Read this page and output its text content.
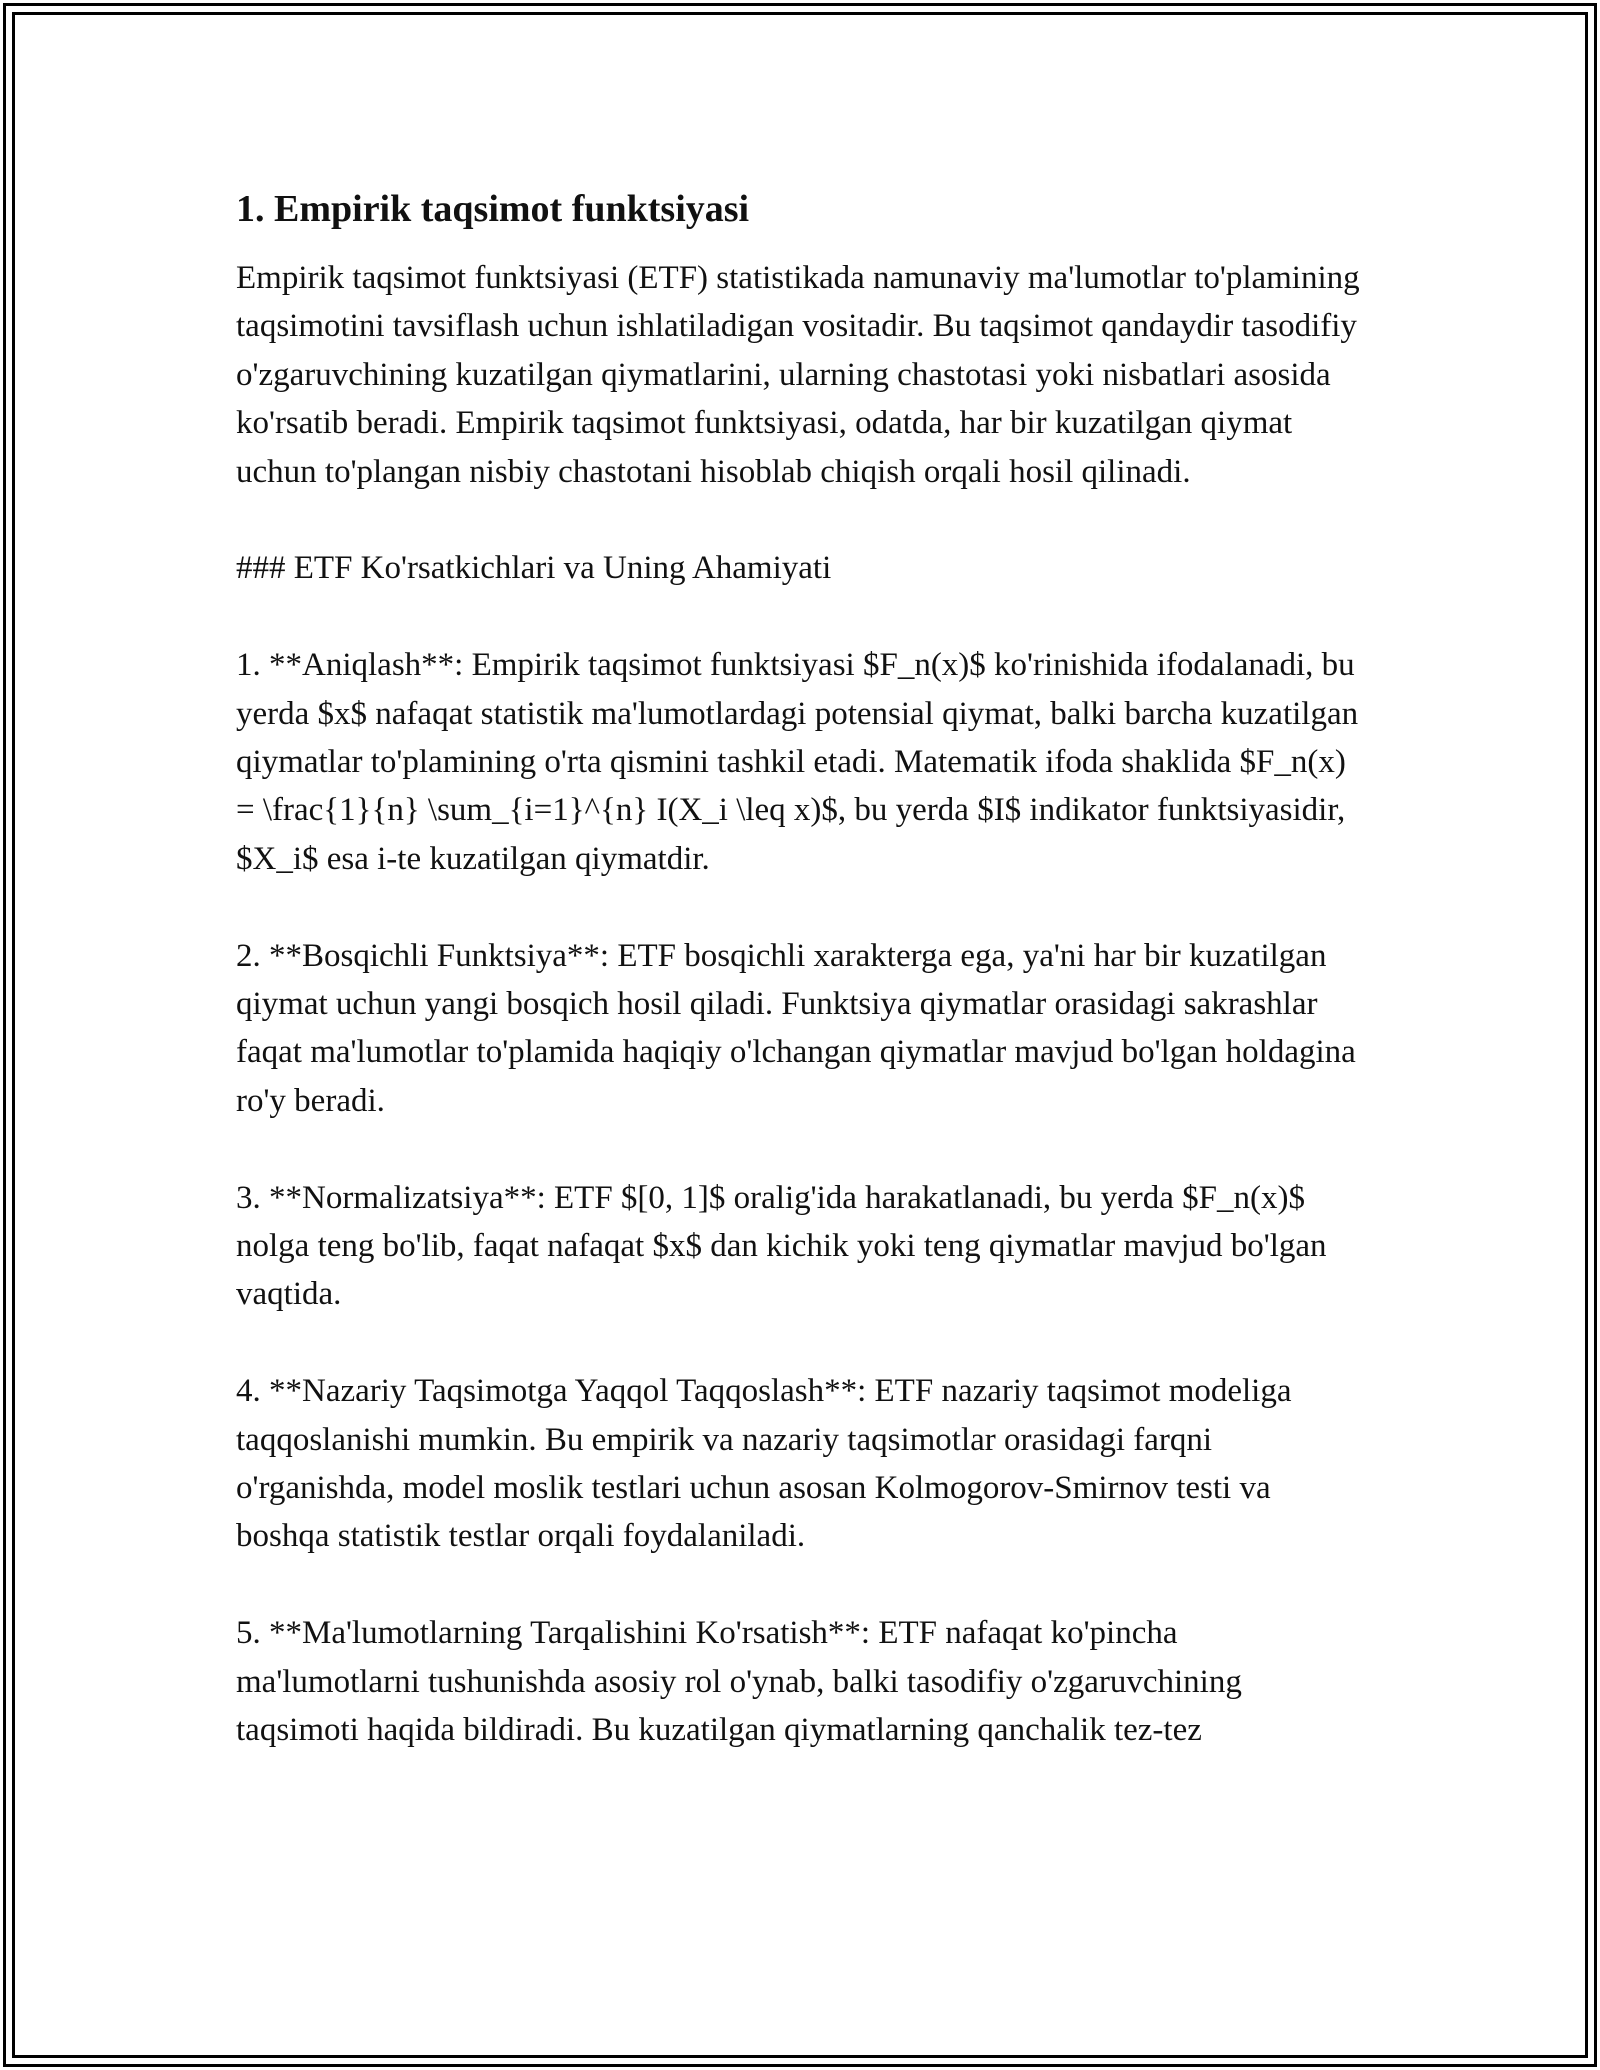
1. Empirik taqsimot funktsiyasi

Empirik taqsimot funktsiyasi (ETF) statistikada namunaviy ma'lumotlar to'plamining taqsimotini tavsiflash uchun ishlatiladigan vositadir. Bu taqsimot qandaydir tasodifiy o'zgaruvchining kuzatilgan qiymatlarini, ularning chastotasi yoki nisbatlari asosida ko'rsatib beradi. Empirik taqsimot funktsiyasi, odatda, har bir kuzatilgan qiymat uchun to'plangan nisbiy chastotani hisoblab chiqish orqali hosil qilinadi.

### ETF Ko'rsatkichlari va Uning Ahamiyati

1. **Aniqlash**: Empirik taqsimot funktsiyasi $F_n(x)$ ko'rinishida ifodalanadi, bu yerda $x$ nafaqat statistik ma'lumotlardagi potensial qiymat, balki barcha kuzatilgan qiymatlar to'plamining o'rta qismini tashkil etadi. Matematik ifoda shaklida $F_n(x) = \frac{1}{n} \sum_{i=1}^{n} I(X_i \leq x)$, bu yerda $I$ indikator funktsiyasidir, $X_i$ esa i-te kuzatilgan qiymatdir.

2. **Bosqichli Funktsiya**: ETF bosqichli xarakterga ega, ya'ni har bir kuzatilgan qiymat uchun yangi bosqich hosil qiladi. Funktsiya qiymatlar orasidagi sakrashlar faqat ma'lumotlar to'plamida haqiqiy o'lchangan qiymatlar mavjud bo'lgan holdagina ro'y beradi.

3. **Normalizatsiya**: ETF $[0, 1]$ oralig'ida harakatlanadi, bu yerda $F_n(x)$ nolga teng bo'lib, faqat nafaqat $x$ dan kichik yoki teng qiymatlar mavjud bo'lgan vaqtida.

4. **Nazariy Taqsimotga Yaqqol Taqqoslash**: ETF nazariy taqsimot modeliga taqqoslanishi mumkin. Bu empirik va nazariy taqsimotlar orasidagi farqni o'rganishda, model moslik testlari uchun asosan Kolmogorov-Smirnov testi va boshqa statistik testlar orqali foydalaniladi.

5. **Ma'lumotlarning Tarqalishini Ko'rsatish**: ETF nafaqat ko'pincha ma'lumotlarni tushunishda asosiy rol o'ynab, balki tasodifiy o'zgaruvchining taqsimoti haqida bildiradi. Bu kuzatilgan qiymatlarning qanchalik tez-tez
